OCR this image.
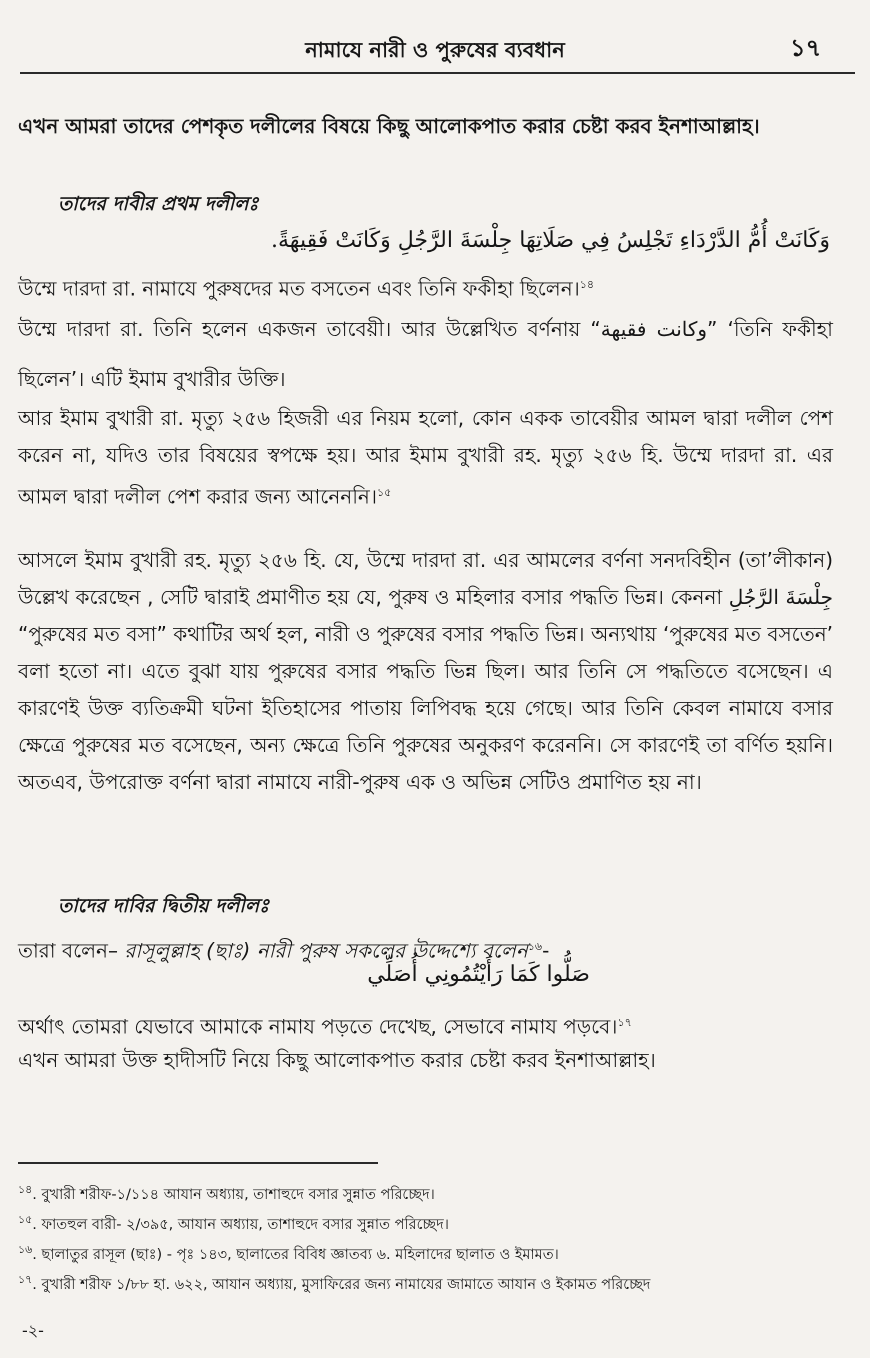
নামাযে নারী ও পুরুষের ব্যবধান	১৭

এখন আমরা তাদের পেশকৃত দলীলের বিষয়ে কিছু আলোকপাত করার চেষ্টা করব ইনশাআল্লাহ।

তাদের দাবীর প্রথম দলীলঃ

وَكَانَتْ أُمُّ الدَّرْدَاءِ تَجْلِسُ فِي صَلَاتِهَا جِلْسَةَ الرَّجُلِ وَكَانَتْ فَقِيهَةً.

উম্মে দারদা রা. নামাযে পুরুষদের মত বসতেন এবং তিনি ফকীহা ছিলেন।$^{১৪}$

উম্মে দারদা রা. তিনি হলেন একজন তাবেয়ী। আর উল্লেখিত বর্ণনায় “	وكانت فقيهة	” ‘তিনি ফকীহা ছিলেন’। এটি ইমাম বুখারীর উক্তি।

আর ইমাম বুখারী রা. মৃত্যু ২৫৬ হিজরী এর নিয়ম হলো, কোন একক তাবেয়ীর আমল দ্বারা দলীল পেশ করেন না, যদিও তার বিষয়ের স্বপক্ষে হয়। আর ইমাম বুখারী রহ. মৃত্যু ২৫৬ হি. উম্মে দারদা রা. এর আমল দ্বারা দলীল পেশ করার জন্য আনেননি।$^{১৫}$

আসলে ইমাম বুখারী রহ. মৃত্যু ২৫৬ হি. যে, উম্মে দারদা রা. এর আমলের বর্ণনা সনদবিহীন (তা’লীকান) উল্লেখ করেছেন , সেটি দ্বারাই প্রমাণীত হয় যে, পুরুষ ও মহিলার বসার পদ্ধতি ভিন্ন। কেননা جِلْسَةَ الرَّجُلِ “পুরুষের মত বসা” কথাটির অর্থ হল, নারী ও পুরুষের বসার পদ্ধতি ভিন্ন। অন্যথায় ‘পুরুষের মত বসতেন’ বলা হতো না। এতে বুঝা যায় পুরুষের বসার পদ্ধতি ভিন্ন ছিল। আর তিনি সে পদ্ধতিতে বসেছেন। এ কারণেই উক্ত ব্যতিক্রমী ঘটনা ইতিহাসের পাতায় লিপিবদ্ধ হয়ে গেছে। আর তিনি কেবল নামাযে বসার ক্ষেত্রে পুরুষের মত বসেছেন, অন্য ক্ষেত্রে তিনি পুরুষের অনুকরণ করেননি। সে কারণেই তা বর্ণিত হয়নি। অতএব, উপরোক্ত বর্ণনা দ্বারা নামাযে নারী-পুরুষ এক ও অভিন্ন সেটিও প্রমাণিত হয় না।

তাদের দাবির দ্বিতীয় দলীলঃ

তারা বলেন– রাসূলুল্লাহ (ছাঃ) নারী পুরুষ সকলের উদ্দেশ্যে বলেন$^{১৬}$-

صَلُّوا كَمَا رَأَيْتُمُونِي أُصَلِّي

অর্থাৎ তোমরা যেভাবে আমাকে নামায পড়তে দেখেছ, সেভাবে নামায পড়বে।$^{১৭}$

এখন আমরা উক্ত হাদীসটি নিয়ে কিছু আলোকপাত করার চেষ্টা করব ইনশাআল্লাহ।

$^{১৪}$. বুখারী শরীফ-১/১১৪ আযান অধ্যায়, তাশাহুদে বসার সুন্নাত পরিচ্ছেদ।

$^{১৫}$. ফাতহুল বারী- ২/৩৯৫, আযান অধ্যায়, তাশাহুদে বসার সুন্নাত পরিচ্ছেদ।

$^{১৬}$. ছালাতুর রাসূল (ছাঃ) - পৃঃ ১৪৩, ছালাতের বিবিধ জ্ঞাতব্য ৬. মহিলাদের ছালাত ও ইমামত।

$^{১৭}$. বুখারী শরীফ ১/৮৮ হা. ৬২২, আযান অধ্যায়, মুসাফিরের জন্য নামাযের জামাতে আযান ও ইকামত পরিচ্ছেদ

-২-
